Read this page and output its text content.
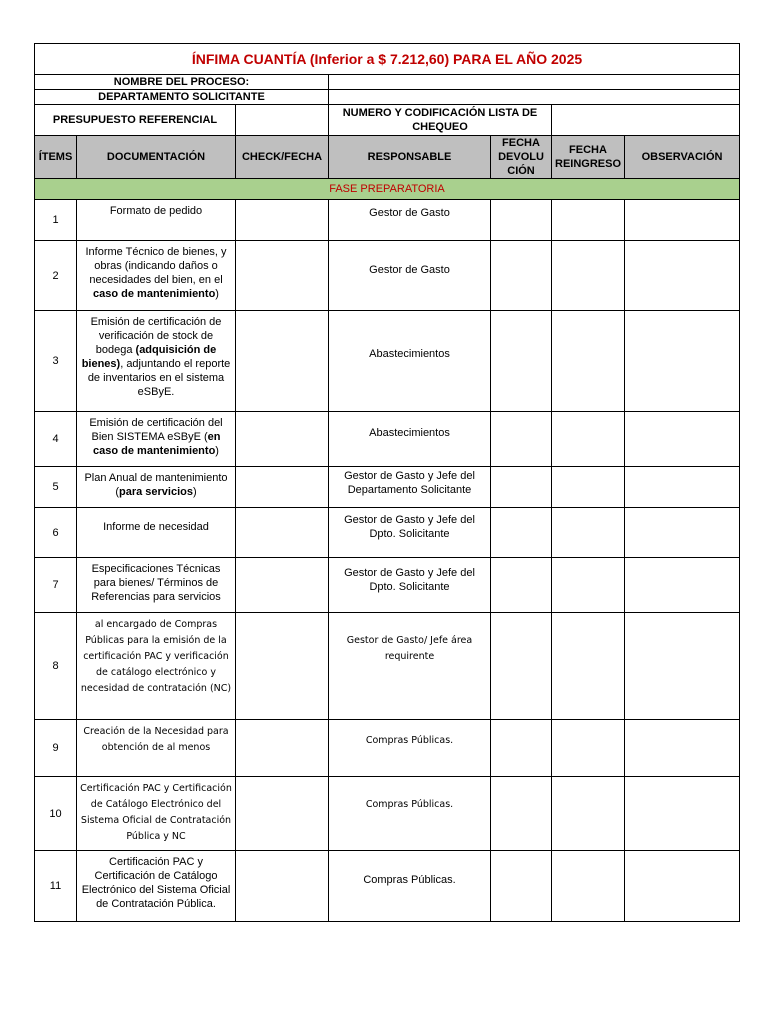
ÍNFIMA CUANTÍA (Inferior a $ 7.212,60) PARA EL AÑO 2025						
NOMBRE DEL PROCESO:						
DEPARTAMENTO SOLICITANTE						
PRESUPUESTO REFERENCIAL			NUMERO Y CODIFICACIÓN LISTA DE CHEQUEO			
ÍTEMS	DOCUMENTACIÓN	CHECK/FECHA	RESPONSABLE	FECHA DEVOLU CIÓN	FECHA REINGRESO	OBSERVACIÓN
FASE PREPARATORIA						
1	Formato de pedido		Gestor de Gasto			
2	Informe Técnico de bienes, y obras (indicando daños o necesidades del bien, en el caso de mantenimiento)		Gestor de Gasto			
3	Emisión de certificación de verificación de stock de bodega (adquisición de bienes), adjuntando el reporte de inventarios en el sistema eSByE.		Abastecimientos			
4	Emisión de certificación del Bien SISTEMA eSByE (en caso de mantenimiento)		Abastecimientos			
5	Plan Anual de mantenimiento (para servicios)		Gestor de Gasto y Jefe del Departamento Solicitante			
6	Informe de necesidad		Gestor de Gasto y Jefe del Dpto. Solicitante			
7	Especificaciones Técnicas para bienes/ Términos de Referencias para servicios		Gestor de Gasto y Jefe del Dpto. Solicitante			
8	al encargado de Compras Públicas para la emisión de la certificación PAC y verificación de catálogo electrónico y necesidad de contratación (NC)		Gestor de Gasto/ Jefe área requirente			
9	Creación de la Necesidad para obtención de al menos		Compras Públicas.			
10	Certificación PAC y Certificación de Catálogo Electrónico del Sistema Oficial de Contratación Pública y NC		Compras Públicas.			
11	Certificación PAC y Certificación de Catálogo Electrónico del Sistema Oficial de Contratación Pública.		Compras Públicas.			
